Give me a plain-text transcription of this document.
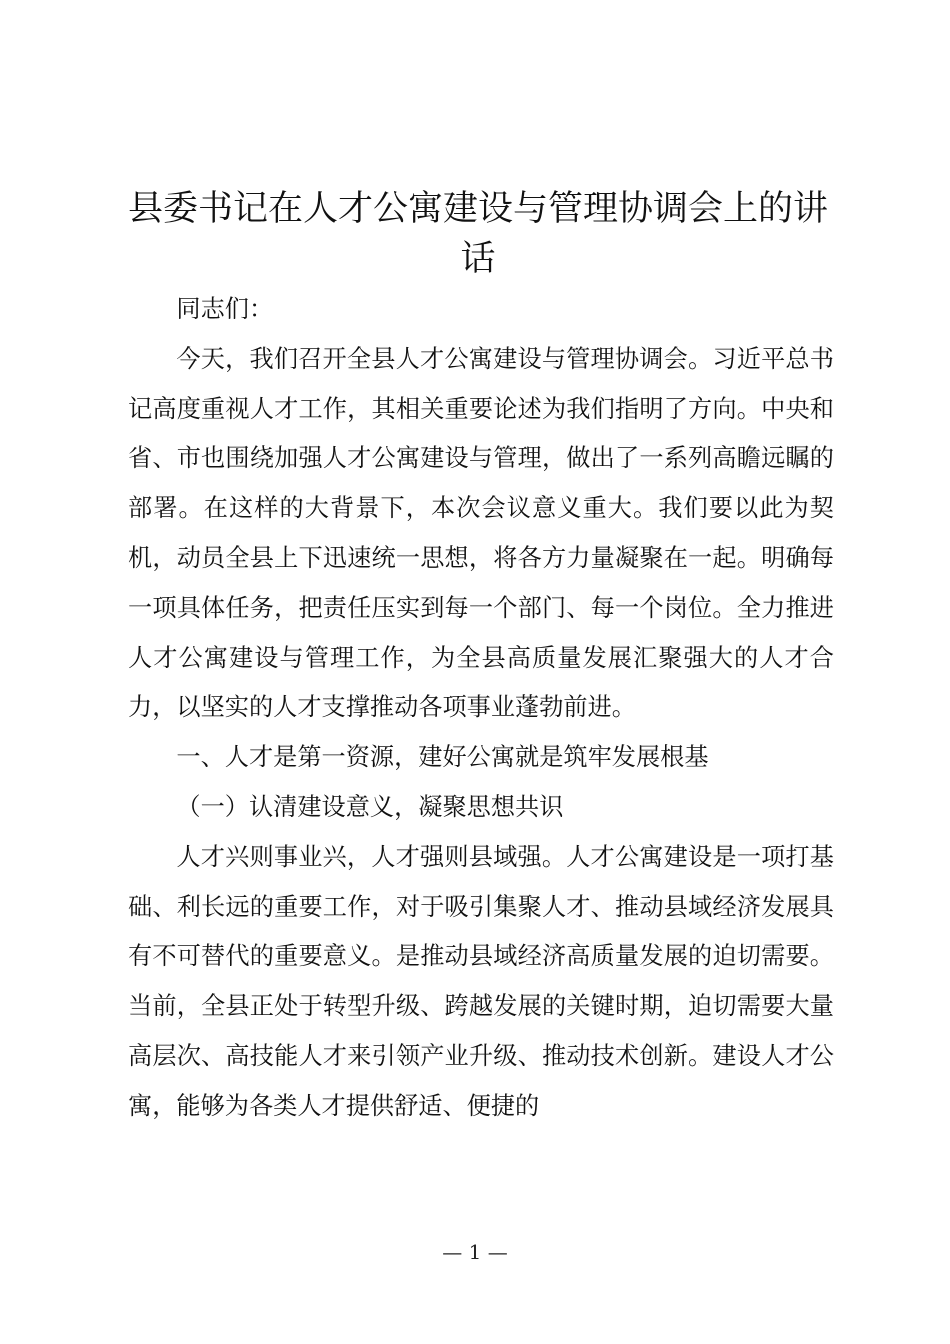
县委书记在人才公寓建设与管理协调会上的讲话

同志们：

今天，我们召开全县人才公寓建设与管理协调会。习近平总书记高度重视人才工作，其相关重要论述为我们指明了方向。中央和省、市也围绕加强人才公寓建设与管理，做出了一系列高瞻远瞩的部署。在这样的大背景下，本次会议意义重大。我们要以此为契机，动员全县上下迅速统一思想，将各方力量凝聚在一起。明确每一项具体任务，把责任压实到每一个部门、每一个岗位。全力推进人才公寓建设与管理工作，为全县高质量发展汇聚强大的人才合力，以坚实的人才支撑推动各项事业蓬勃前进。

一、人才是第一资源，建好公寓就是筑牢发展根基

（一）认清建设意义，凝聚思想共识

人才兴则事业兴，人才强则县域强。人才公寓建设是一项打基础、利长远的重要工作，对于吸引集聚人才、推动县域经济发展具有不可替代的重要意义。是推动县域经济高质量发展的迫切需要。当前，全县正处于转型升级、跨越发展的关键时期，迫切需要大量高层次、高技能人才来引领产业升级、推动技术创新。建设人才公寓，能够为各类人才提供舒适、便捷的

— 1 —
